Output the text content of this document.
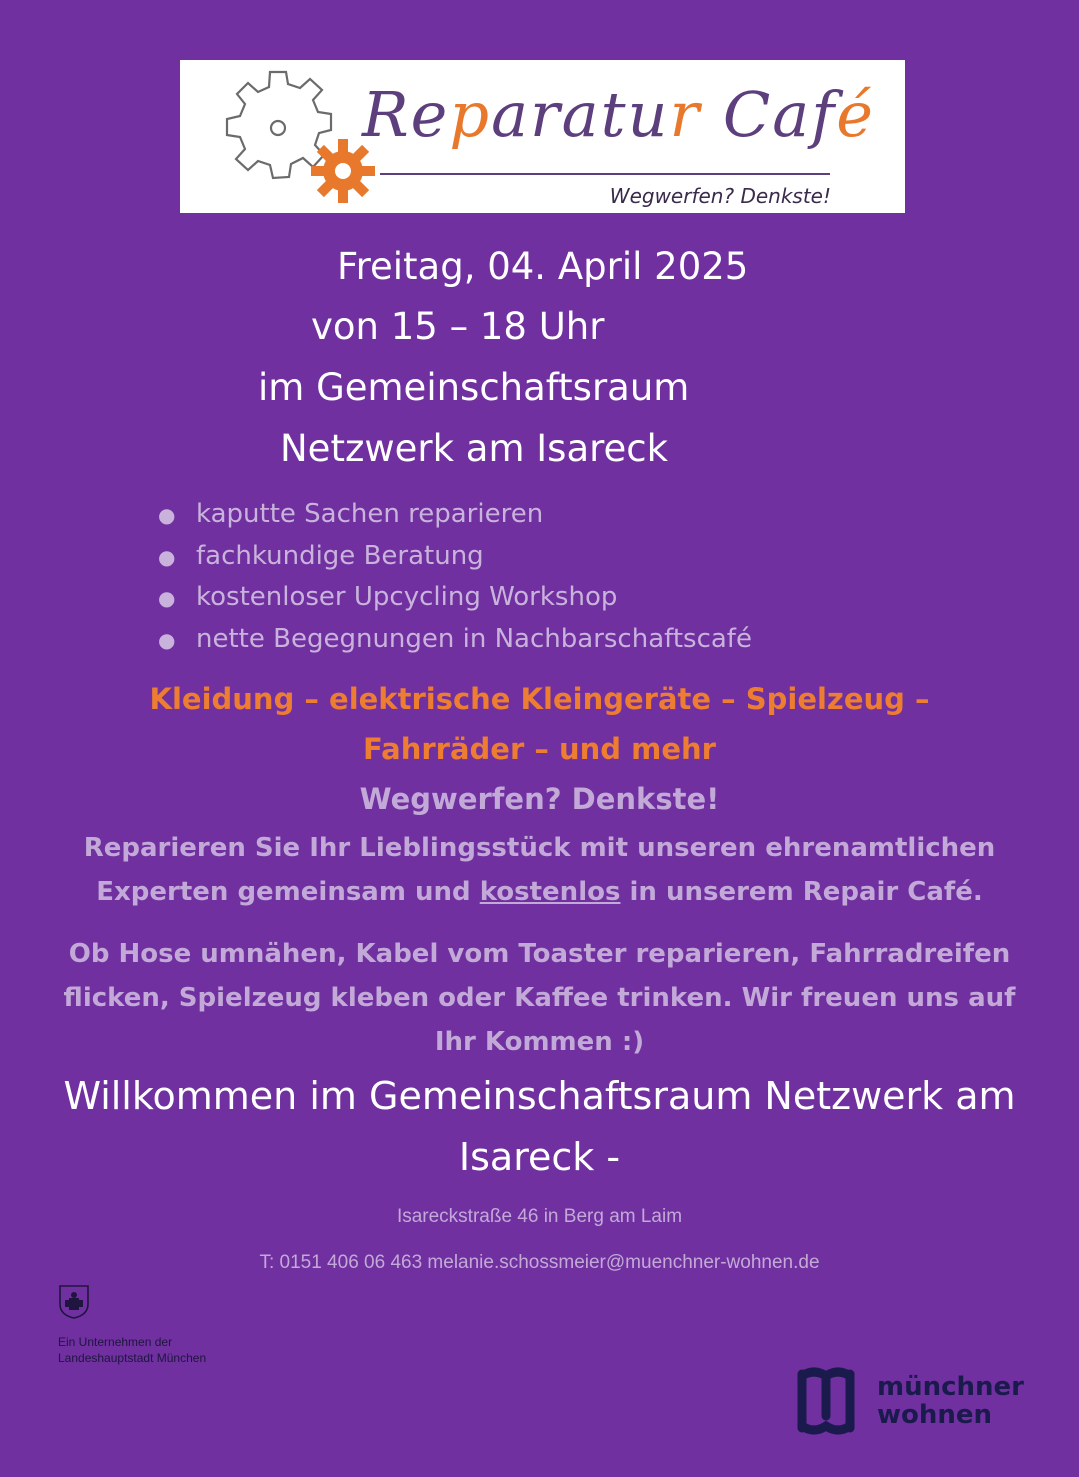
Reparatur Café
Wegwerfen? Denkste!
Freitag, 04. April 2025
von 15 – 18 Uhr
im Gemeinschaftsraum
Netzwerk am Isareck
● kaputte Sachen reparieren
● fachkundige Beratung
● kostenloser Upcycling Workshop
● nette Begegnungen in Nachbarschaftscafé
Kleidung – elektrische Kleingeräte – Spielzeug –
Fahrräder – und mehr
Wegwerfen? Denkste!
Reparieren Sie Ihr Lieblingsstück mit unseren ehrenamtlichen
Experten gemeinsam und kostenlos in unserem Repair Café.
Ob Hose umnähen, Kabel vom Toaster reparieren, Fahrradreifen
flicken, Spielzeug kleben oder Kaffee trinken. Wir freuen uns auf
Ihr Kommen :)
Willkommen im Gemeinschaftsraum Netzwerk am
Isareck -
Isareckstraße 46 in Berg am Laim
T: 0151 406 06 463 melanie.schossmeier@muenchner-wohnen.de
Ein Unternehmen der
Landeshauptstadt München
münchner
wohnen
